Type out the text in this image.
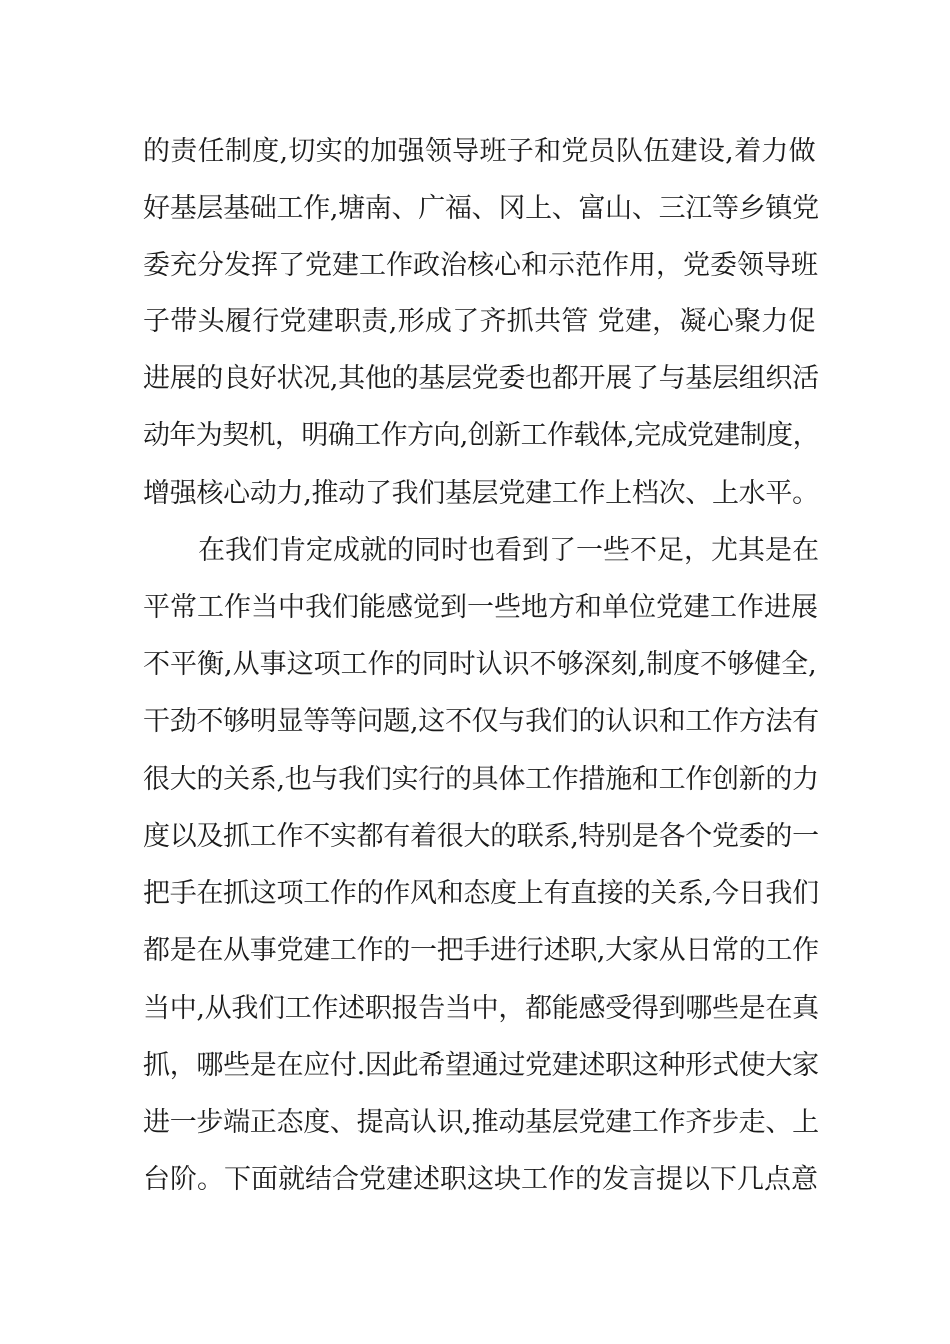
的责任制度,切实的加强领导班子和党员队伍建设,着力做
好基层基础工作,塘南、广福、冈上、富山、三江等乡镇党
委充分发挥了党建工作政治核心和示范作用，党委领导班
子带头履行党建职责,形成了齐抓共管 党建，凝心聚力促
进展的良好状况,其他的基层党委也都开展了与基层组织活
动年为契机，明确工作方向,创新工作载体,完成党建制度，
增强核心动力,推动了我们基层党建工作上档次、上水平。
在我们肯定成就的同时也看到了一些不足，尤其是在
平常工作当中我们能感觉到一些地方和单位党建工作进展
不平衡,从事这项工作的同时认识不够深刻,制度不够健全,
干劲不够明显等等问题,这不仅与我们的认识和工作方法有
很大的关系,也与我们实行的具体工作措施和工作创新的力
度以及抓工作不实都有着很大的联系,特别是各个党委的一
把手在抓这项工作的作风和态度上有直接的关系,今日我们
都是在从事党建工作的一把手进行述职,大家从日常的工作
当中,从我们工作述职报告当中，都能感受得到哪些是在真
抓，哪些是在应付.因此希望通过党建述职这种形式使大家
进一步端正态度、提高认识,推动基层党建工作齐步走、上
台阶。下面就结合党建述职这块工作的发言提以下几点意
